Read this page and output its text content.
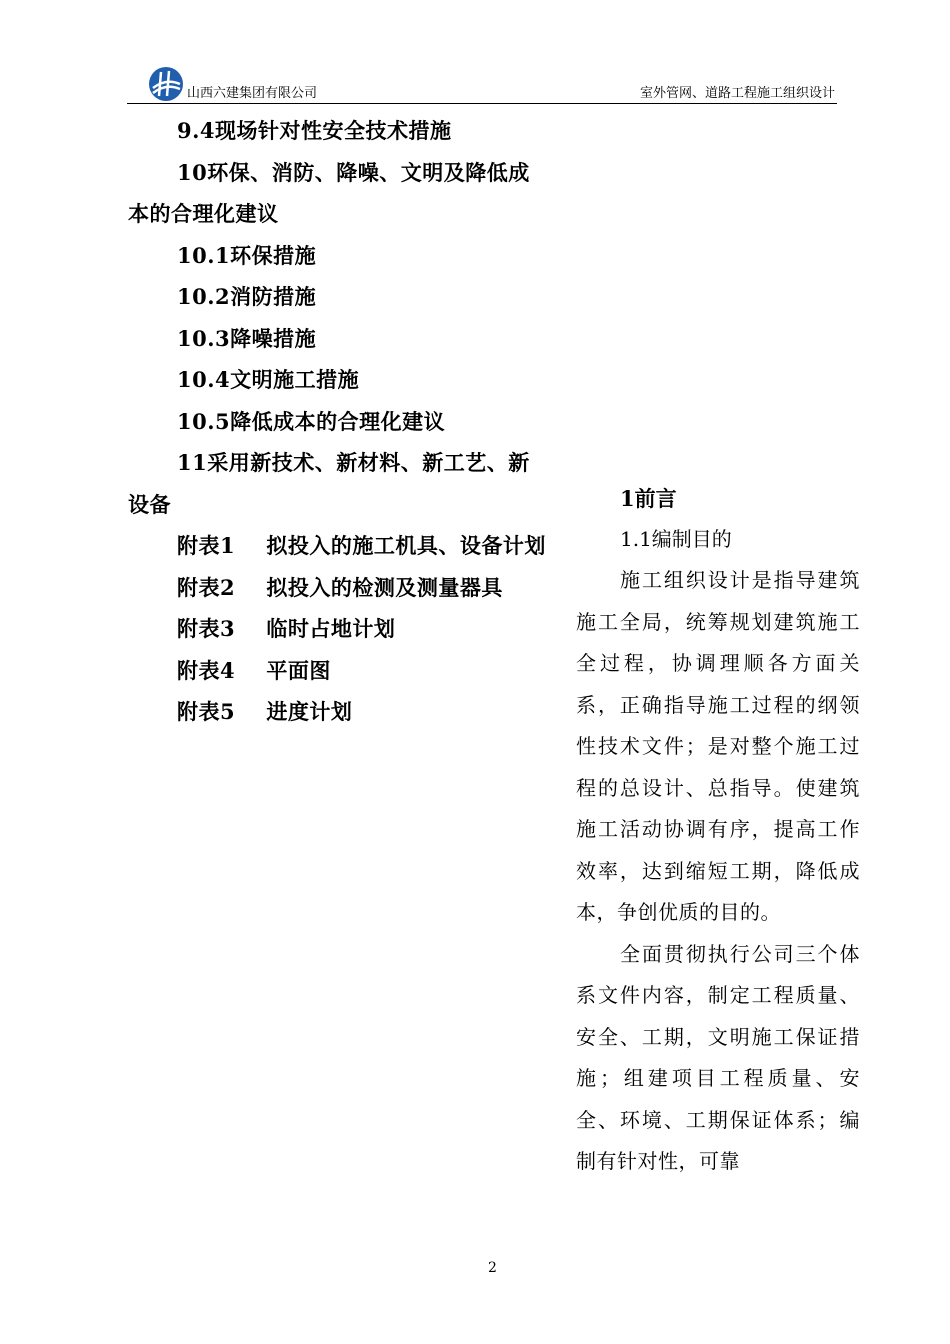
山西六建集团有限公司	室外管网、道路工程施工组织设计
9.4现场针对性安全技术措施
10环保、消防、降噪、文明及降低成本的合理化建议
10.1环保措施
10.2消防措施
10.3降噪措施
10.4文明施工措施
10.5降低成本的合理化建议
11采用新技术、新材料、新工艺、新设备
附表1    拟投入的施工机具、设备计划
附表2    拟投入的检测及测量器具
附表3    临时占地计划
附表4    平面图
附表5    进度计划
1前言
1.1编制目的

施工组织设计是指导建筑施工全局，统筹规划建筑施工全过程，协调理顺各方面关系，正确指导施工过程的纲领性技术文件；是对整个施工过程的总设计、总指导。使建筑施工活动协调有序，提高工作效率，达到缩短工期，降低成本，争创优质的目的。

全面贯彻执行公司三个体系文件内容，制定工程质量、安全、工期，文明施工保证措施；组建项目工程质量、安全、环境、工期保证体系；编制有针对性，可靠

2
